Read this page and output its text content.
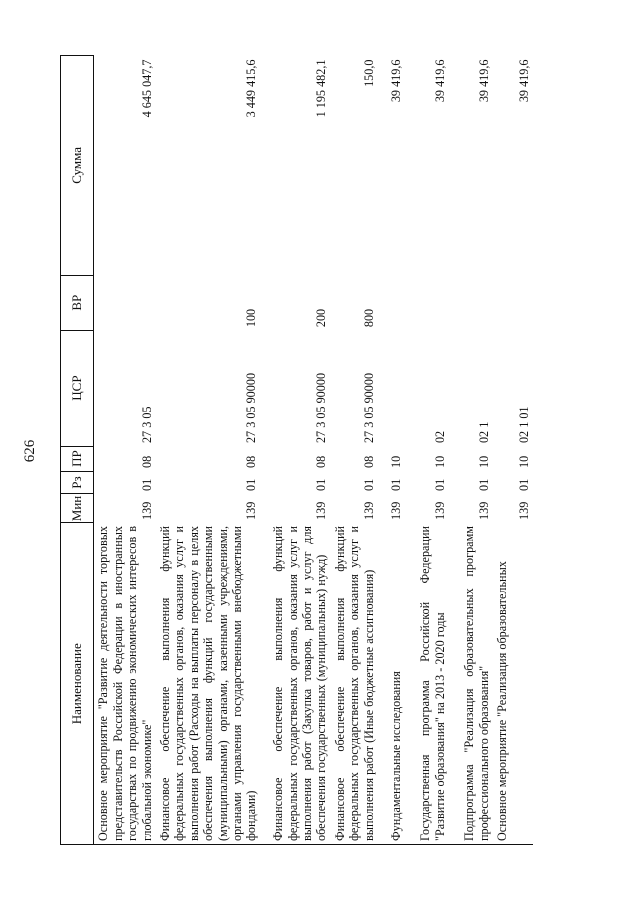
626
Наименование	Мин	Рз	ПР	ЦСР	ВР	Сумма
Основное мероприятие "Развитие деятельности торговых представительств Российской Федерации в иностранных государствах по продвижению экономических интересов в глобальной экономике"	139	01	08	27 3 05		4 645 047,7
Финансовое обеспечение выполнения функций федеральных государственных органов, оказания услуг и выполнения работ (Расходы на выплаты персоналу в целях обеспечения выполнения функций государственными (муниципальными) органами, казенными учреждениями, органами управления государственными внебюджетными фондами)	139	01	08	27 3 05 90000	100	3 449 415,6
Финансовое обеспечение выполнения функций федеральных государственных органов, оказания услуг и выполнения работ (Закупка товаров, работ и услуг для обеспечения государственных (муниципальных) нужд)	139	01	08	27 3 05 90000	200	1 195 482,1
Финансовое обеспечение выполнения функций федеральных государственных органов, оказания услуг и выполнения работ (Иные бюджетные ассигнования)	139	01	08	27 3 05 90000	800	150,0
Фундаментальные исследования	139	01	10			39 419,6
Государственная программа Российской Федерации "Развитие образования" на 2013 - 2020 годы	139	01	10	02		39 419,6
Подпрограмма "Реализация образовательных программ профессионального образования"	139	01	10	02 1		39 419,6
Основное мероприятие "Реализация образовательных	139	01	10	02 1 01		39 419,6
